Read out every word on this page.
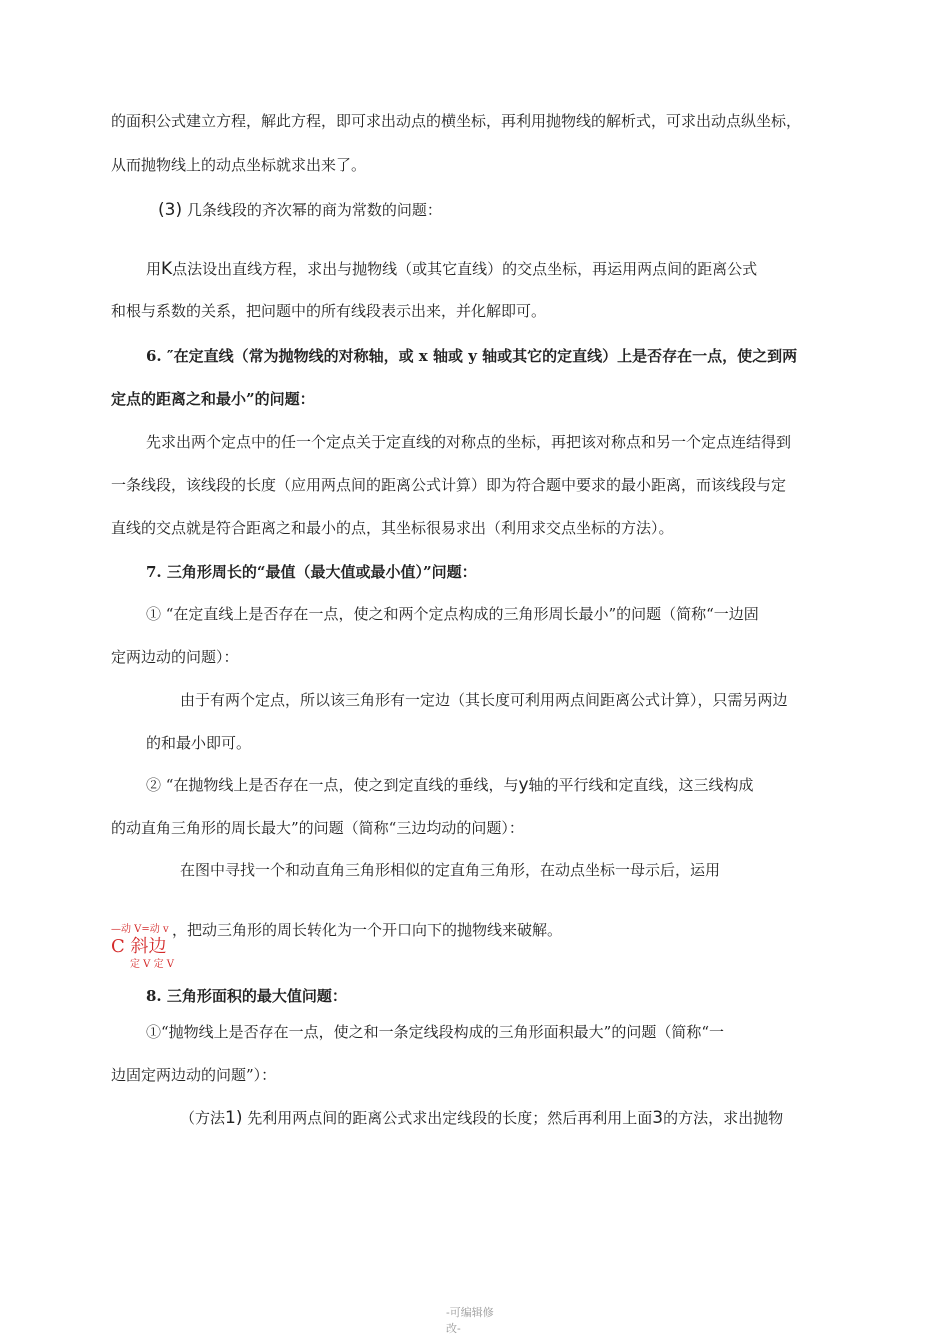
的面积公式建立方程，解此方程，即可求出动点的横坐标，再利用抛物线的解析式，可求出动点纵坐标，
从而抛物线上的动点坐标就求出来了。
(3) 几条线段的齐次幂的商为常数的问题：
用K点法设出直线方程，求出与抛物线（或其它直线）的交点坐标，再运用两点间的距离公式
和根与系数的关系，把问题中的所有线段表示出来，并化解即可。
6. ″在定直线（常为抛物线的对称轴，或 x 轴或 y 轴或其它的定直线）上是否存在一点，使之到两
定点的距离之和最小”的问题：
先求出两个定点中的任一个定点关于定直线的对称点的坐标，再把该对称点和另一个定点连结得到
一条线段，该线段的长度（应用两点间的距离公式计算）即为符合题中要求的最小距离，而该线段与定
直线的交点就是符合距离之和最小的点，其坐标很易求出（利用求交点坐标的方法）。
7. 三角形周长的“最值（最大值或最小值）”问题：
① “在定直线上是否存在一点，使之和两个定点构成的三角形周长最小”的问题（简称“一边固
定两边动的问题）：
由于有两个定点，所以该三角形有一定边（其长度可利用两点间距离公式计算），只需另两边
的和最小即可。
② “在抛物线上是否存在一点，使之到定直线的垂线，与y轴的平行线和定直线，这三线构成
的动直角三角形的周长最大”的问题（简称“三边均动的问题）：
在图中寻找一个和动直角三角形相似的定直角三角形，在动点坐标一母示后，运用
—动 V=动 v
C 斜边
定 V 定 V
，把动三角形的周长转化为一个开口向下的抛物线来破解。
8. 三角形面积的最大值问题：
①“抛物线上是否存在一点，使之和一条定线段构成的三角形面积最大”的问题（简称“一
边固定两边动的问题”）：
（方法1) 先利用两点间的距离公式求出定线段的长度；然后再利用上面3的方法，求出抛物
-可编辑修
改-
